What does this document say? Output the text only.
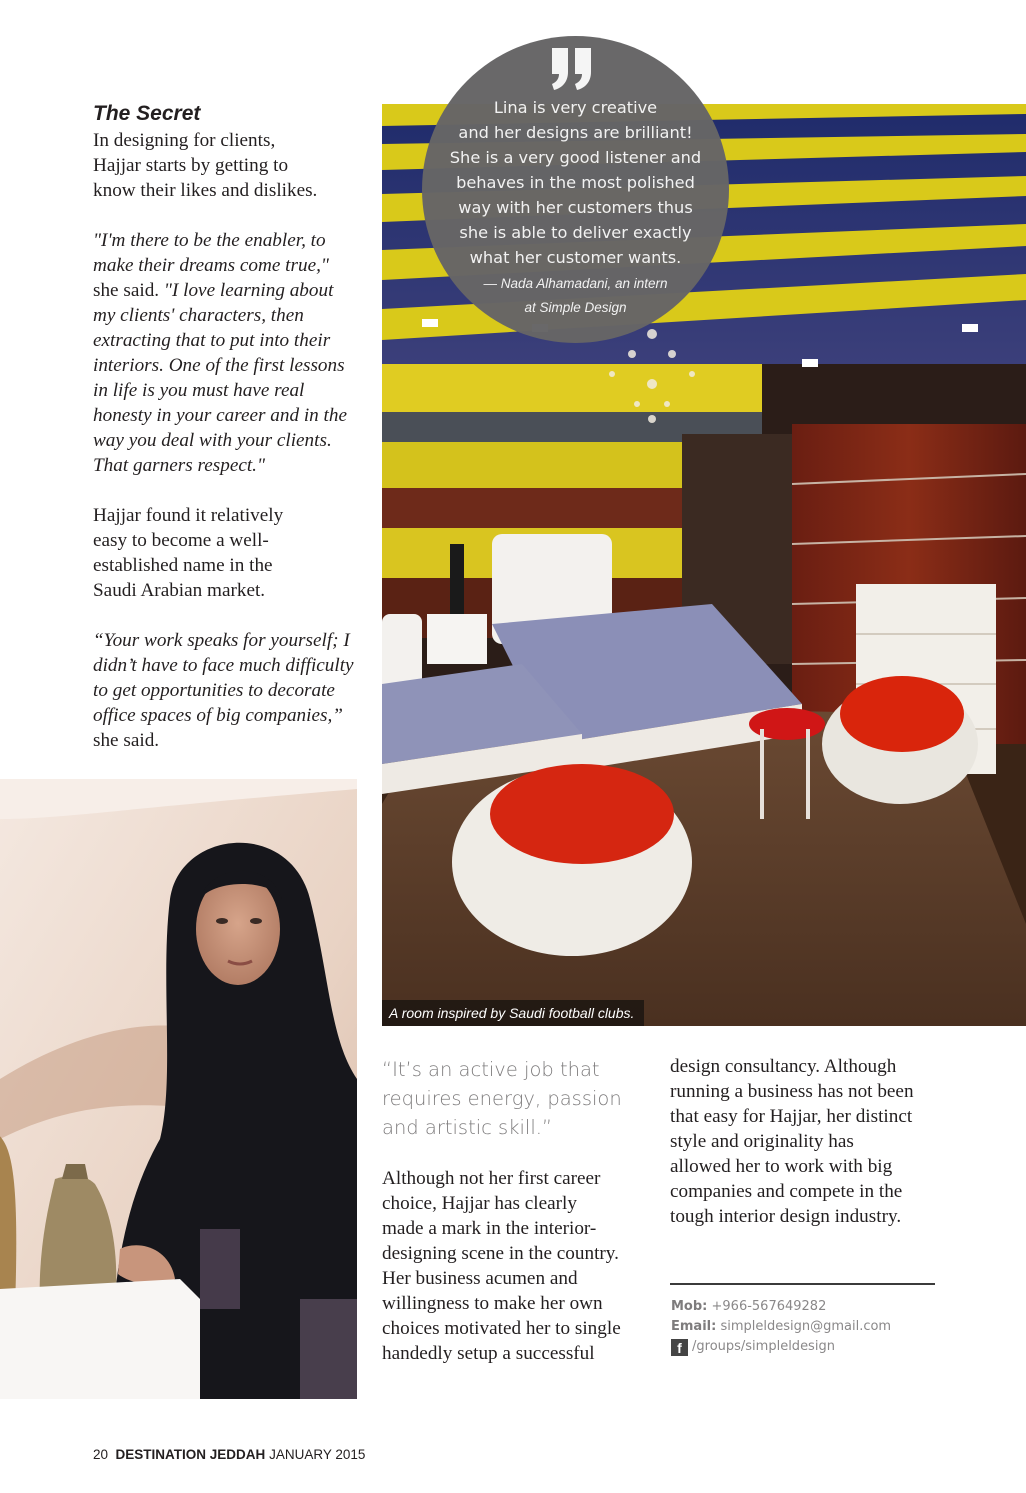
The Secret

In designing for clients,
Hajjar starts by getting to
know their likes and dislikes.

"I'm there to be the enabler, to make their dreams come true," she said. "I love learning about my clients' characters, then extracting that to put into their interiors. One of the first lessons in life is you must have real honesty in your career and in the way you deal with your clients. That garners respect."

Hajjar found it relatively
easy to become a well-
established name in the
Saudi Arabian market.

“Your work speaks for yourself; I didn’t have to face much difficulty to get opportunities to decorate office spaces of big companies,” she said.

A room inspired by Saudi football clubs.
Lina is very creative
and her designs are brilliant!
She is a very good listener and
behaves in the most polished
way with her customers thus
she is able to deliver exactly
what her customer wants.
— Nada Alhamadani, an intern
at Simple Design
“It’s an active job that
requires energy, passion
and artistic skill.”
Although not her first career
choice, Hajjar has clearly
made a mark in the interior-
designing scene in the country.
Her business acumen and
willingness to make her own
choices motivated her to single
handedly setup a successful
design consultancy. Although
running a business has not been
that easy for Hajjar, her distinct
style and originality has
allowed her to work with big
companies and compete in the
tough interior design industry.
Mob: +966-567649282
Email: simpleldesign@gmail.com
f /groups/simpleldesign
20 DESTINATION JEDDAH JANUARY 2015
